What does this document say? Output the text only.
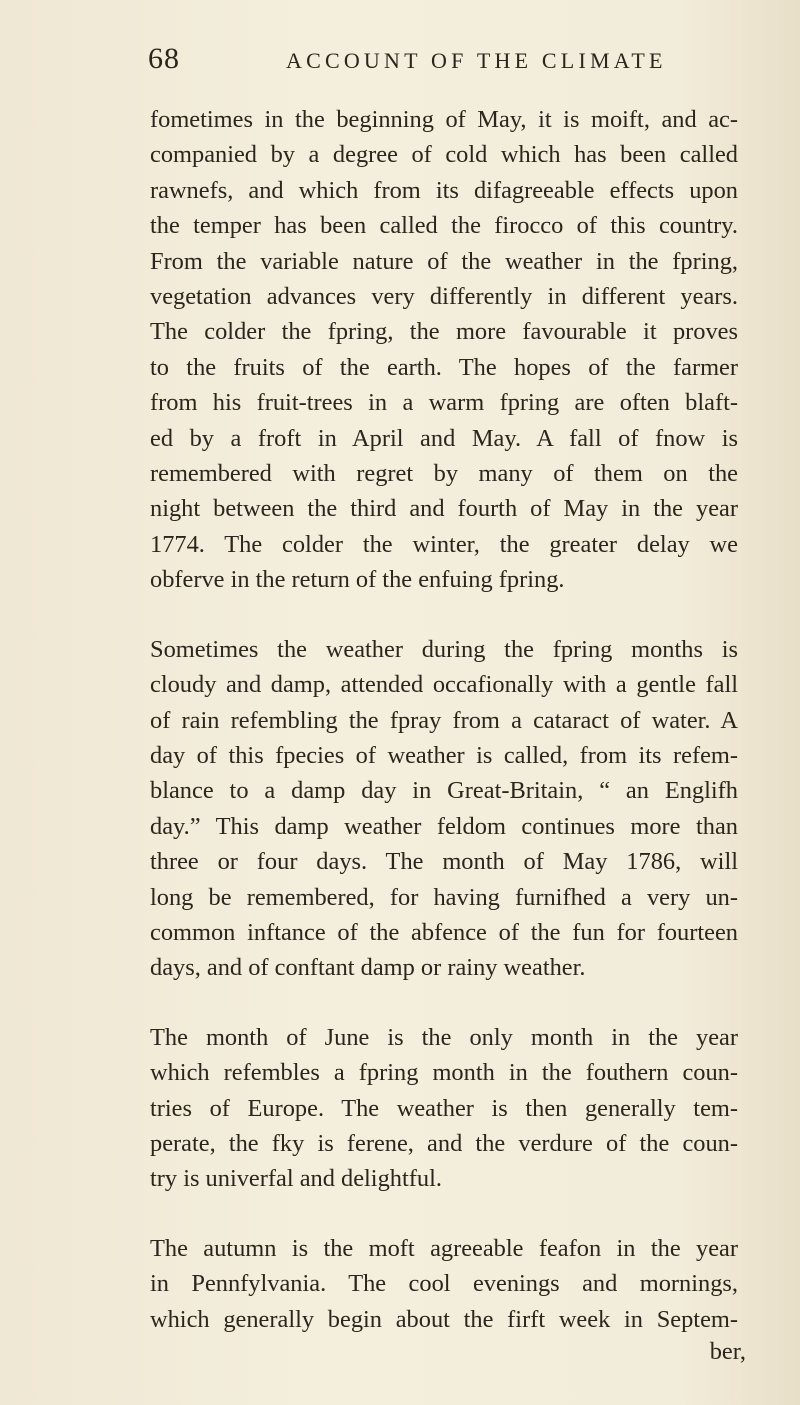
68	ACCOUNT OF THE CLIMATE
fometimes in the beginning of May, it is moift, and ac-
companied by a degree of cold which has been called
rawnefs, and which from its difagreeable effects upon
the temper has been called the firocco of this country.
From the variable nature of the weather in the fpring,
vegetation advances very differently in different years.
The colder the fpring, the more favourable it proves
to the fruits of the earth. The hopes of the farmer
from his fruit-trees in a warm fpring are often blaft-
ed by a froft in April and May. A fall of fnow is
remembered with regret by many of them on the
night between the third and fourth of May in the year
1774. The colder the winter, the greater delay we
obferve in the return of the enfuing fpring.
Sometimes the weather during the fpring months is
cloudy and damp, attended occafionally with a gentle fall
of rain refembling the fpray from a cataract of water. A
day of this fpecies of weather is called, from its refem-
blance to a damp day in Great-Britain, “ an Englifh
day.” This damp weather feldom continues more than
three or four days. The month of May 1786, will
long be remembered, for having furnifhed a very un-
common inftance of the abfence of the fun for fourteen
days, and of conftant damp or rainy weather.
The month of June is the only month in the year
which refembles a fpring month in the fouthern coun-
tries of Europe. The weather is then generally tem-
perate, the fky is ferene, and the verdure of the coun-
try is univerfal and delightful.
The autumn is the moft agreeable feafon in the year
in Pennfylvania. The cool evenings and mornings,
which generally begin about the firft week in Septem-
ber,
